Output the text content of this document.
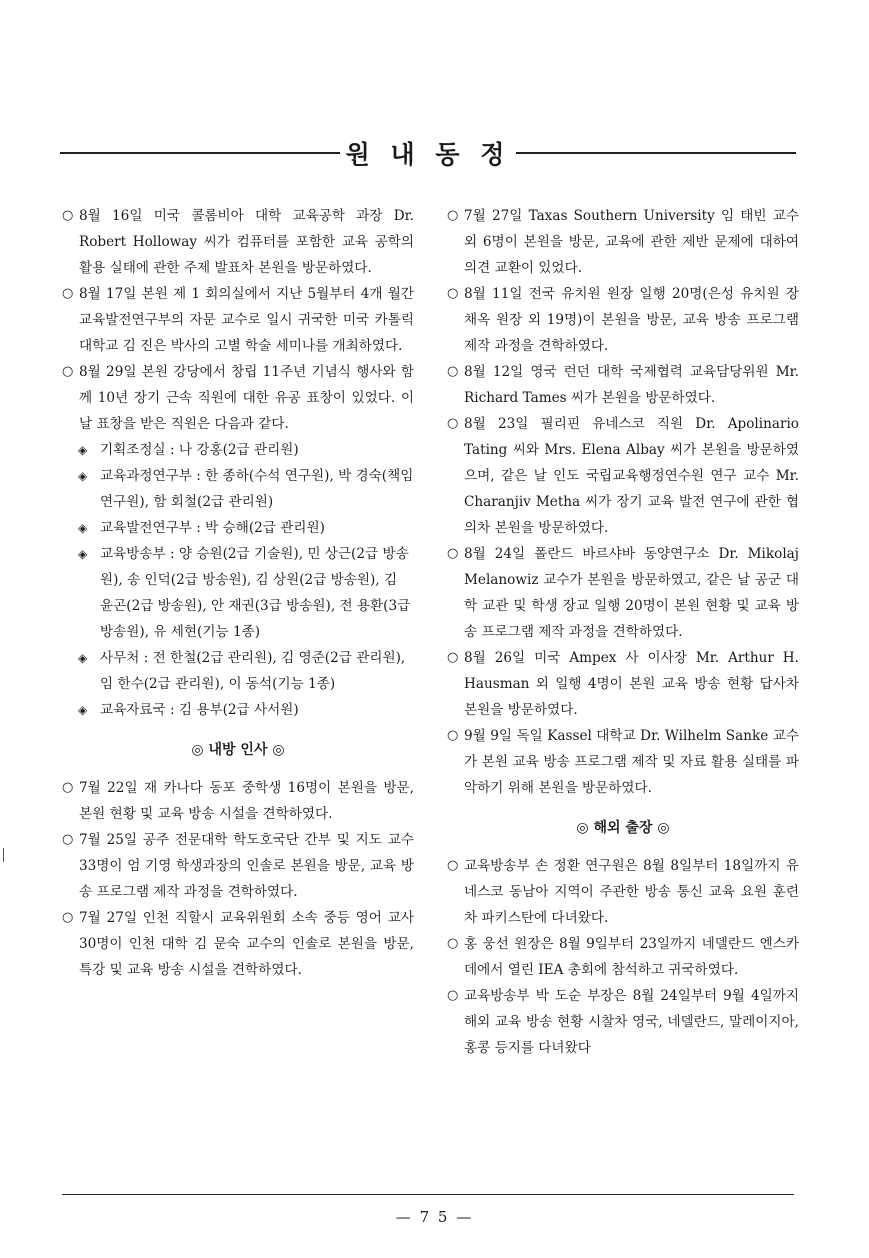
원 내 동 정
○ 8월 16일 미국 콜롬비아 대학 교육공학 과장 Dr. Robert Holloway 씨가 컴퓨터를 포함한 교육 공학의 활용 실태에 관한 주제 발표차 본원을 방문하였다.
○ 8월 17일 본원 제 1 회의실에서 지난 5월부터 4개 월간 교육발전연구부의 자문 교수로 일시 귀국한 미국 카톨릭 대학교 김 진은 박사의 고별 학술 세미나를 개최하였다.
○ 8월 29일 본원 강당에서 창립 11주년 기념식 행사와 함께 10년 장기 근속 직원에 대한 유공 표창이 있었다. 이날 표창을 받은 직원은 다음과 같다.
◈ 기획조정실 : 나 강홍(2급 관리원)
◈ 교육과정연구부 : 한 종하(수석 연구원), 박 경숙(책임 연구원), 함 회철(2급 관리원)
◈ 교육발전연구부 : 박 승해(2급 관리원)
◈ 교육방송부 : 양 승원(2급 기술원), 민 상근(2급 방송원), 송 인덕(2급 방송원), 김 상원(2급 방송원), 김 윤곤(2급 방송원), 안 재권(3급 방송원), 전 용환(3급 방송원), 유 세현(기능 1종)
◈ 사무처 : 전 한철(2급 관리원), 김 영준(2급 관리원), 임 한수(2급 관리원), 이 동석(기능 1종)
◈ 교육자료국 : 김 용부(2급 사서원)
◎ 내방 인사 ◎
○ 7월 22일 재 카나다 동포 중학생 16명이 본원을 방문, 본원 현황 및 교육 방송 시설을 견학하였다.
○ 7월 25일 공주 전문대학 학도호국단 간부 및 지도 교수 33명이 엄 기영 학생과장의 인솔로 본원을 방문, 교육 방송 프로그램 제작 과정을 견학하였다.
○ 7월 27일 인천 직할시 교육위원회 소속 중등 영어 교사 30명이 인천 대학 김 문숙 교수의 인솔로 본원을 방문, 특강 및 교육 방송 시설을 견학하였다.
○ 7월 27일 Taxas Southern University 임 태빈 교수 외 6명이 본원을 방문, 교육에 관한 제반 문제에 대하여 의견 교환이 있었다.
○ 8월 11일 전국 유치원 원장 일행 20명(은성 유치원 장 채옥 원장 외 19명)이 본원을 방문, 교육 방송 프로그램 제작 과정을 견학하였다.
○ 8월 12일 영국 런던 대학 국제협력 교육담당위원 Mr. Richard Tames 씨가 본원을 방문하였다.
○ 8월 23일 필리핀 유네스코 직원 Dr. Apolinario Tating 씨와 Mrs. Elena Albay 씨가 본원을 방문하였으며, 같은 날 인도 국립교육행정연수원 연구 교수 Mr. Charanjiv Metha 씨가 장기 교육 발전 연구에 관한 협의차 본원을 방문하였다.
○ 8월 24일 폴란드 바르샤바 동양연구소 Dr. Mikolaj Melanowiz 교수가 본원을 방문하였고, 같은 날 공군 대학 교관 및 학생 장교 일행 20명이 본원 현황 및 교육 방송 프로그램 제작 과정을 견학하였다.
○ 8월 26일 미국 Ampex 사 이사장 Mr. Arthur H. Hausman 외 일행 4명이 본원 교육 방송 현황 답사차 본원을 방문하였다.
○ 9월 9일 독일 Kassel 대학교 Dr. Wilhelm Sanke 교수가 본원 교육 방송 프로그램 제작 및 자료 활용 실태를 파악하기 위해 본원을 방문하였다.
◎ 해외 출장 ◎
○ 교육방송부 손 정환 연구원은 8월 8일부터 18일까지 유네스코 동남아 지역이 주관한 방송 통신 교육 요원 훈련차 파키스탄에 다녀왔다.
○ 홍 웅선 원장은 8월 9일부터 23일까지 네델란드 엔스카데에서 열린 IEA 총회에 참석하고 귀국하였다.
○ 교육방송부 박 도순 부장은 8월 24일부터 9월 4일까지 해외 교육 방송 현황 시찰차 영국, 네델란드, 말레이지아, 홍콩 등지를 다녀왔다
— 7 5 —
